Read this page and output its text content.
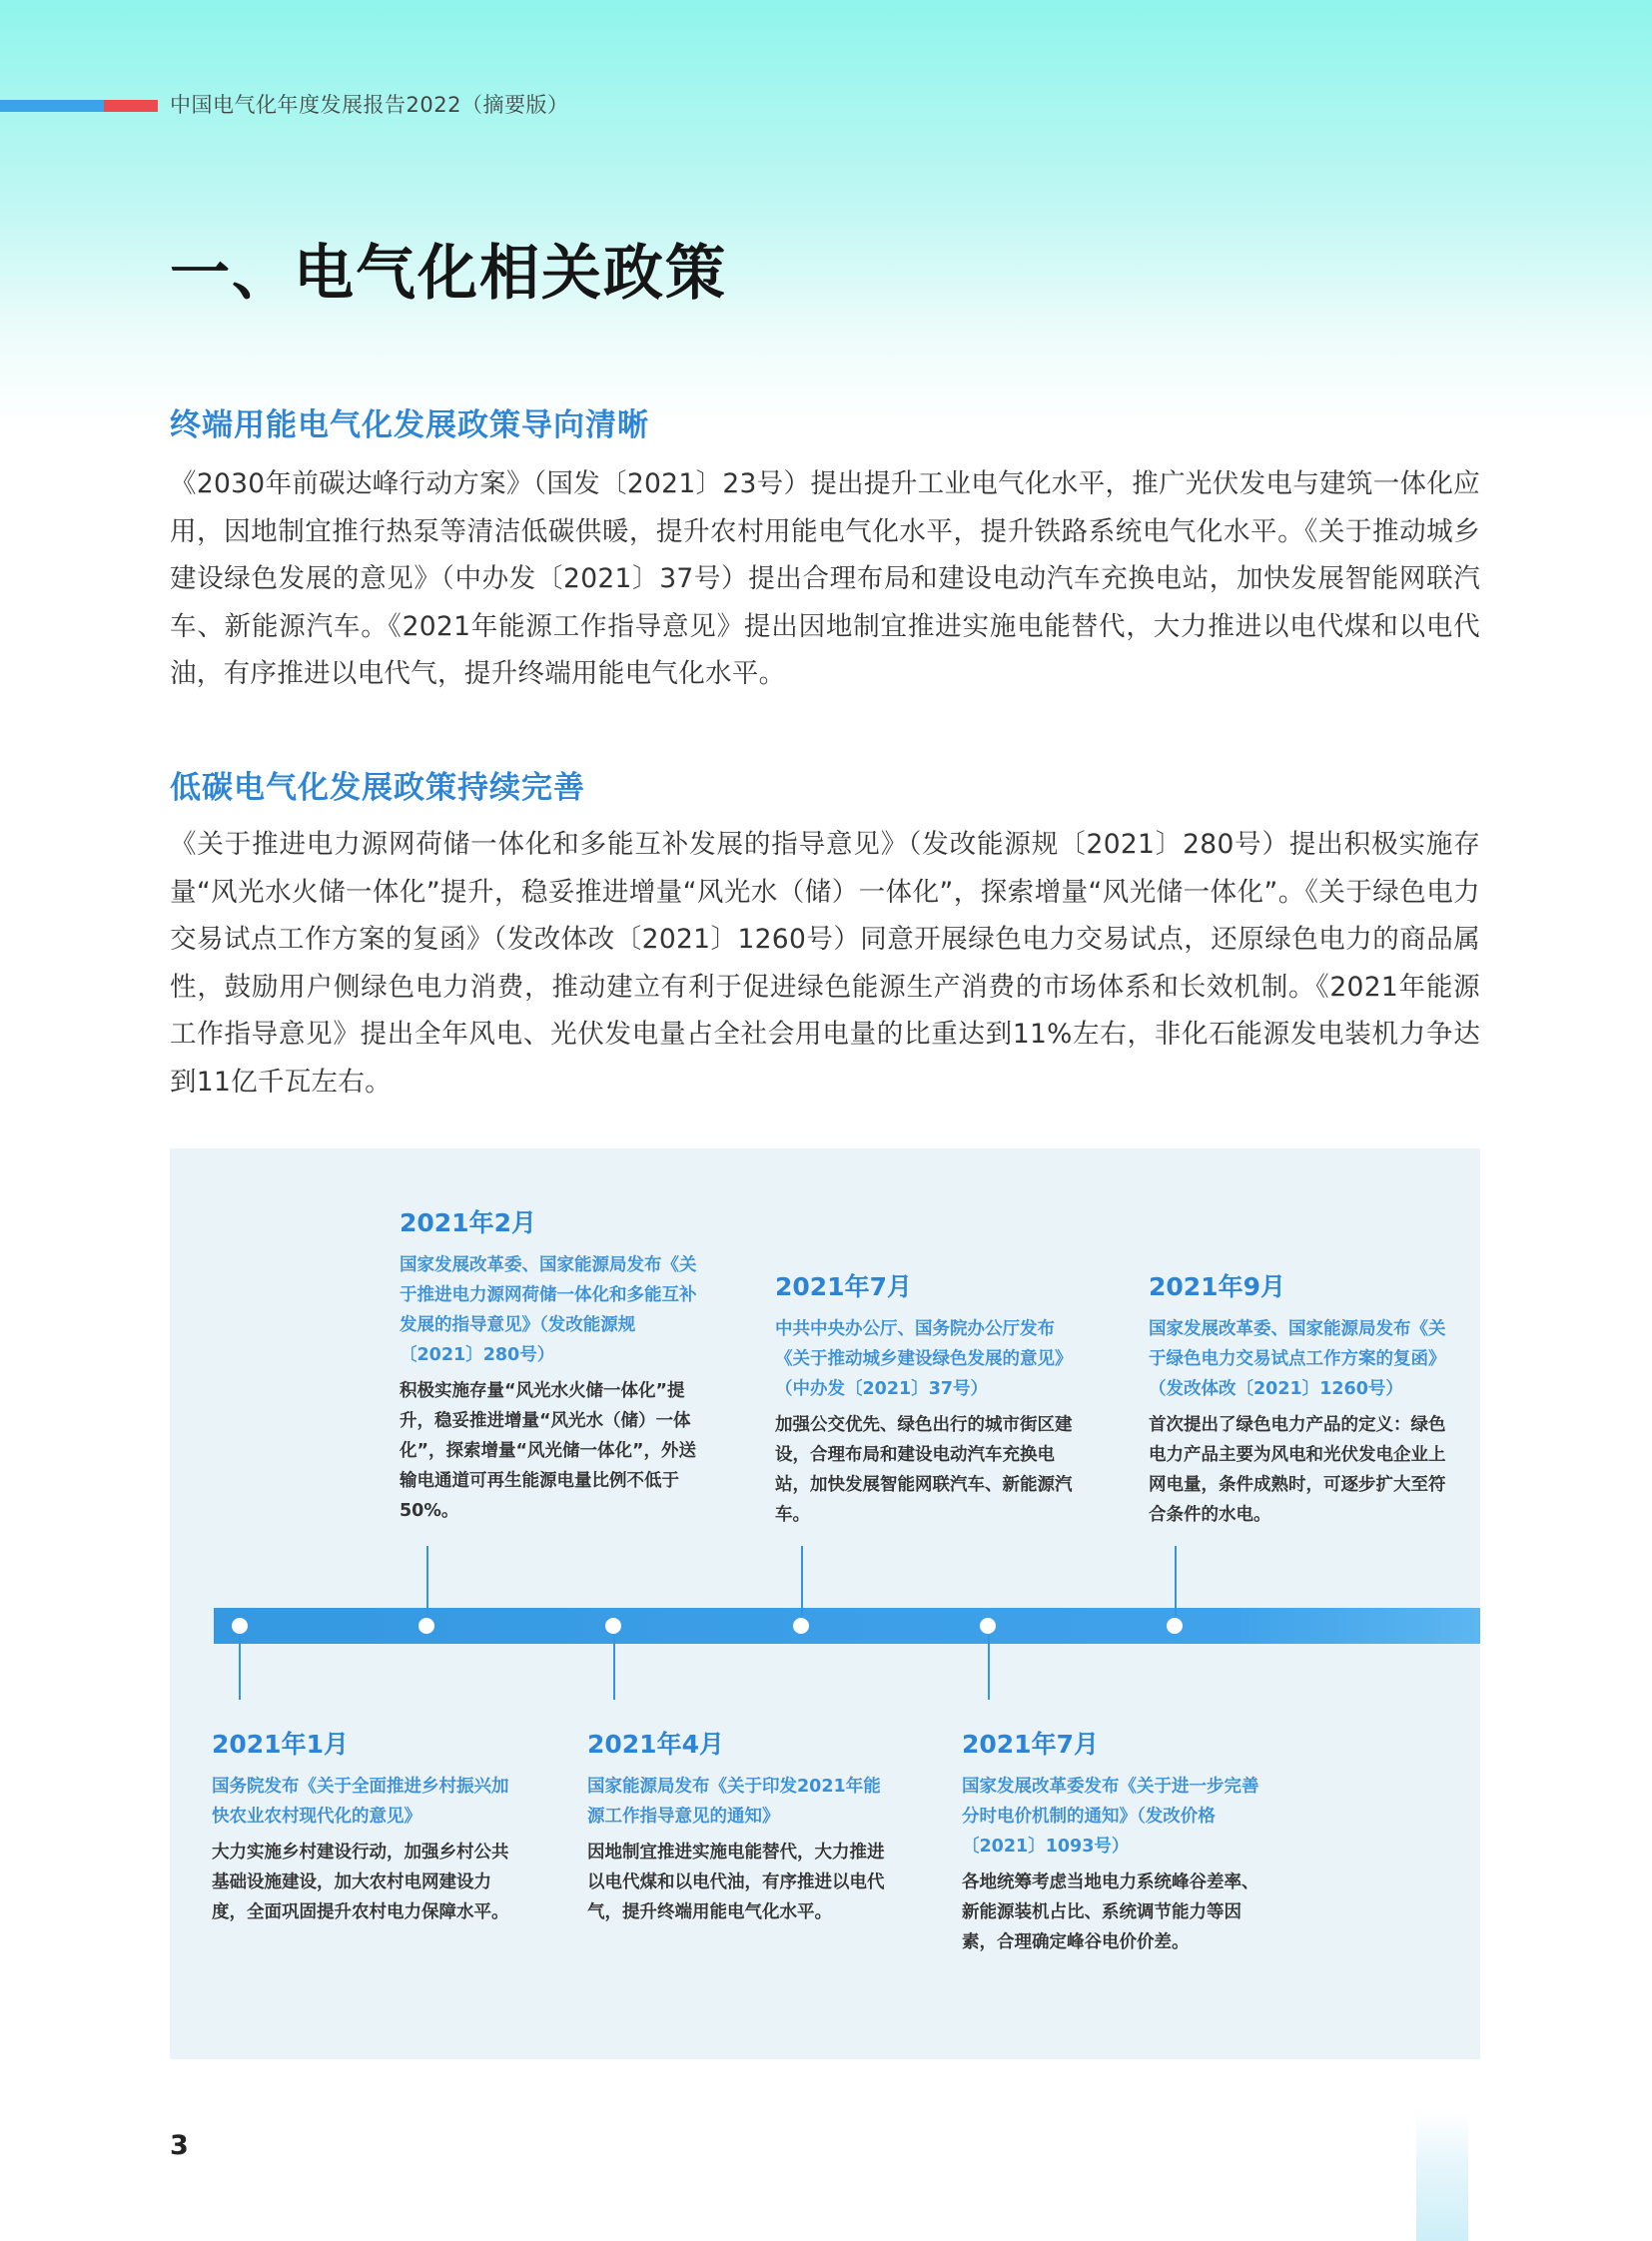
中国电气化年度发展报告2022（摘要版）
一、电气化相关政策
终端用能电气化发展政策导向清晰

《2030年前碳达峰行动方案》（国发〔2021〕23号）提出提升工业电气化水平，推广光伏发电与建筑一体化应用，因地制宜推行热泵等清洁低碳供暖，提升农村用能电气化水平，提升铁路系统电气化水平。《关于推动城乡建设绿色发展的意见》（中办发〔2021〕37号）提出合理布局和建设电动汽车充换电站，加快发展智能网联汽车、新能源汽车。《2021年能源工作指导意见》提出因地制宜推进实施电能替代，大力推进以电代煤和以电代油，有序推进以电代气，提升终端用能电气化水平。

低碳电气化发展政策持续完善

《关于推进电力源网荷储一体化和多能互补发展的指导意见》（发改能源规〔2021〕280号）提出积极实施存量“风光水火储一体化”提升，稳妥推进增量“风光水（储）一体化”，探索增量“风光储一体化”。《关于绿色电力交易试点工作方案的复函》（发改体改〔2021〕1260号）同意开展绿色电力交易试点，还原绿色电力的商品属性，鼓励用户侧绿色电力消费，推动建立有利于促进绿色能源生产消费的市场体系和长效机制。《2021年能源工作指导意见》提出全年风电、光伏发电量占全社会用电量的比重达到11%左右，非化石能源发电装机力争达到11亿千瓦左右。

2021年2月
国家发展改革委、国家能源局发布《关于推进电力源网荷储一体化和多能互补发展的指导意见》（发改能源规〔2021〕280号）
积极实施存量“风光水火储一体化”提升，稳妥推进增量“风光水（储）一体化”，探索增量“风光储一体化”，外送输电通道可再生能源电量比例不低于50%。
2021年7月
中共中央办公厅、国务院办公厅发布《关于推动城乡建设绿色发展的意见》（中办发〔2021〕37号）
加强公交优先、绿色出行的城市街区建设，合理布局和建设电动汽车充换电站，加快发展智能网联汽车、新能源汽车。
2021年9月
国家发展改革委、国家能源局发布《关于绿色电力交易试点工作方案的复函》（发改体改〔2021〕1260号）
首次提出了绿色电力产品的定义：绿色电力产品主要为风电和光伏发电企业上网电量，条件成熟时，可逐步扩大至符合条件的水电。
2021年1月
国务院发布《关于全面推进乡村振兴加快农业农村现代化的意见》
大力实施乡村建设行动，加强乡村公共基础设施建设，加大农村电网建设力度，全面巩固提升农村电力保障水平。
2021年4月
国家能源局发布《关于印发2021年能源工作指导意见的通知》
因地制宜推进实施电能替代，大力推进以电代煤和以电代油，有序推进以电代气，提升终端用能电气化水平。
2021年7月
国家发展改革委发布《关于进一步完善分时电价机制的通知》（发改价格〔2021〕1093号）
各地统筹考虑当地电力系统峰谷差率、新能源装机占比、系统调节能力等因素，合理确定峰谷电价价差。
3
